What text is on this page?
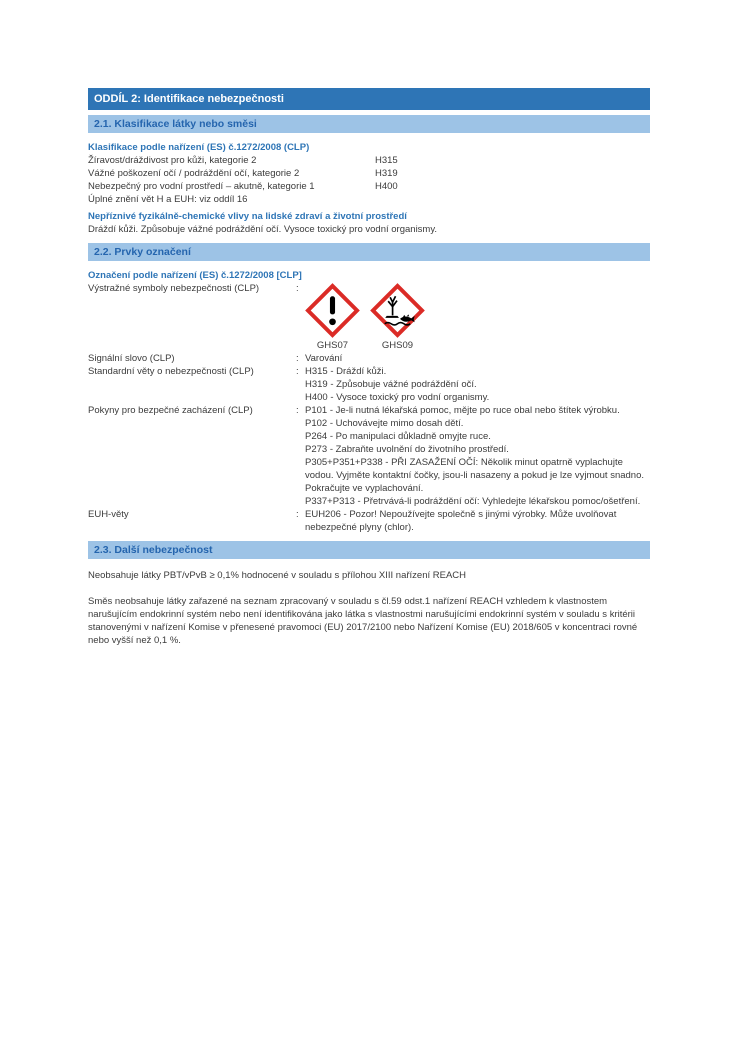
ODDÍL 2: Identifikace nebezpečnosti
2.1. Klasifikace látky nebo směsi
Klasifikace podle nařízení (ES) č.1272/2008 (CLP)
Žíravost/dráždivost pro kůži, kategorie 2	H315
Vážné poškození očí / podráždění očí, kategorie 2	H319
Nebezpečný pro vodní prostředí – akutně, kategorie 1	H400
Úplné znění vět H a EUH: viz oddíl 16
Nepříznivé fyzikálně-chemické vlivy na lidské zdraví a životní prostředí
Dráždí kůži. Způsobuje vážné podráždění očí. Vysoce toxický pro vodní organismy.
2.2. Prvky označení
Označení podle nařízení (ES) č.1272/2008 [CLP]
Výstražné symboly nebezpečnosti (CLP)	:
GHS07	GHS09
Signální slovo (CLP)	: Varování
Standardní věty o nebezpečnosti (CLP)	: H315 - Dráždí kůži.
H319 - Způsobuje vážné podráždění očí.
H400 - Vysoce toxický pro vodní organismy.
Pokyny pro bezpečné zacházení (CLP)	: P101 - Je-li nutná lékařská pomoc, mějte po ruce obal nebo štítek výrobku.
P102 - Uchovávejte mimo dosah dětí.
P264 - Po manipulaci důkladně omyjte ruce.
P273 - Zabraňte uvolnění do životního prostředí.
P305+P351+P338 - PŘI ZASAŽENÍ OČÍ: Několik minut opatrně vyplachujte vodou. Vyjměte kontaktní čočky, jsou-li nasazeny a pokud je lze vyjmout snadno. Pokračujte ve vyplachování.
P337+P313 - Přetrvává-li podráždění očí: Vyhledejte lékařskou pomoc/ošetření.
EUH-věty	: EUH206 - Pozor! Nepoužívejte společně s jinými výrobky. Může uvolňovat nebezpečné plyny (chlor).
2.3. Další nebezpečnost
Neobsahuje látky PBT/vPvB ≥ 0,1% hodnocené v souladu s přílohou XIII nařízení REACH
Směs neobsahuje látky zařazené na seznam zpracovaný v souladu s čl.59 odst.1 nařízení REACH vzhledem k vlastnostem narušujícím endokrinní systém nebo není identifikována jako látka s vlastnostmi narušujícími endokrinní systém v souladu s kritérii stanovenými v nařízení Komise v přenesené pravomoci (EU) 2017/2100 nebo Nařízení Komise (EU) 2018/605 v koncentraci rovné nebo vyšší než 0,1 %.
